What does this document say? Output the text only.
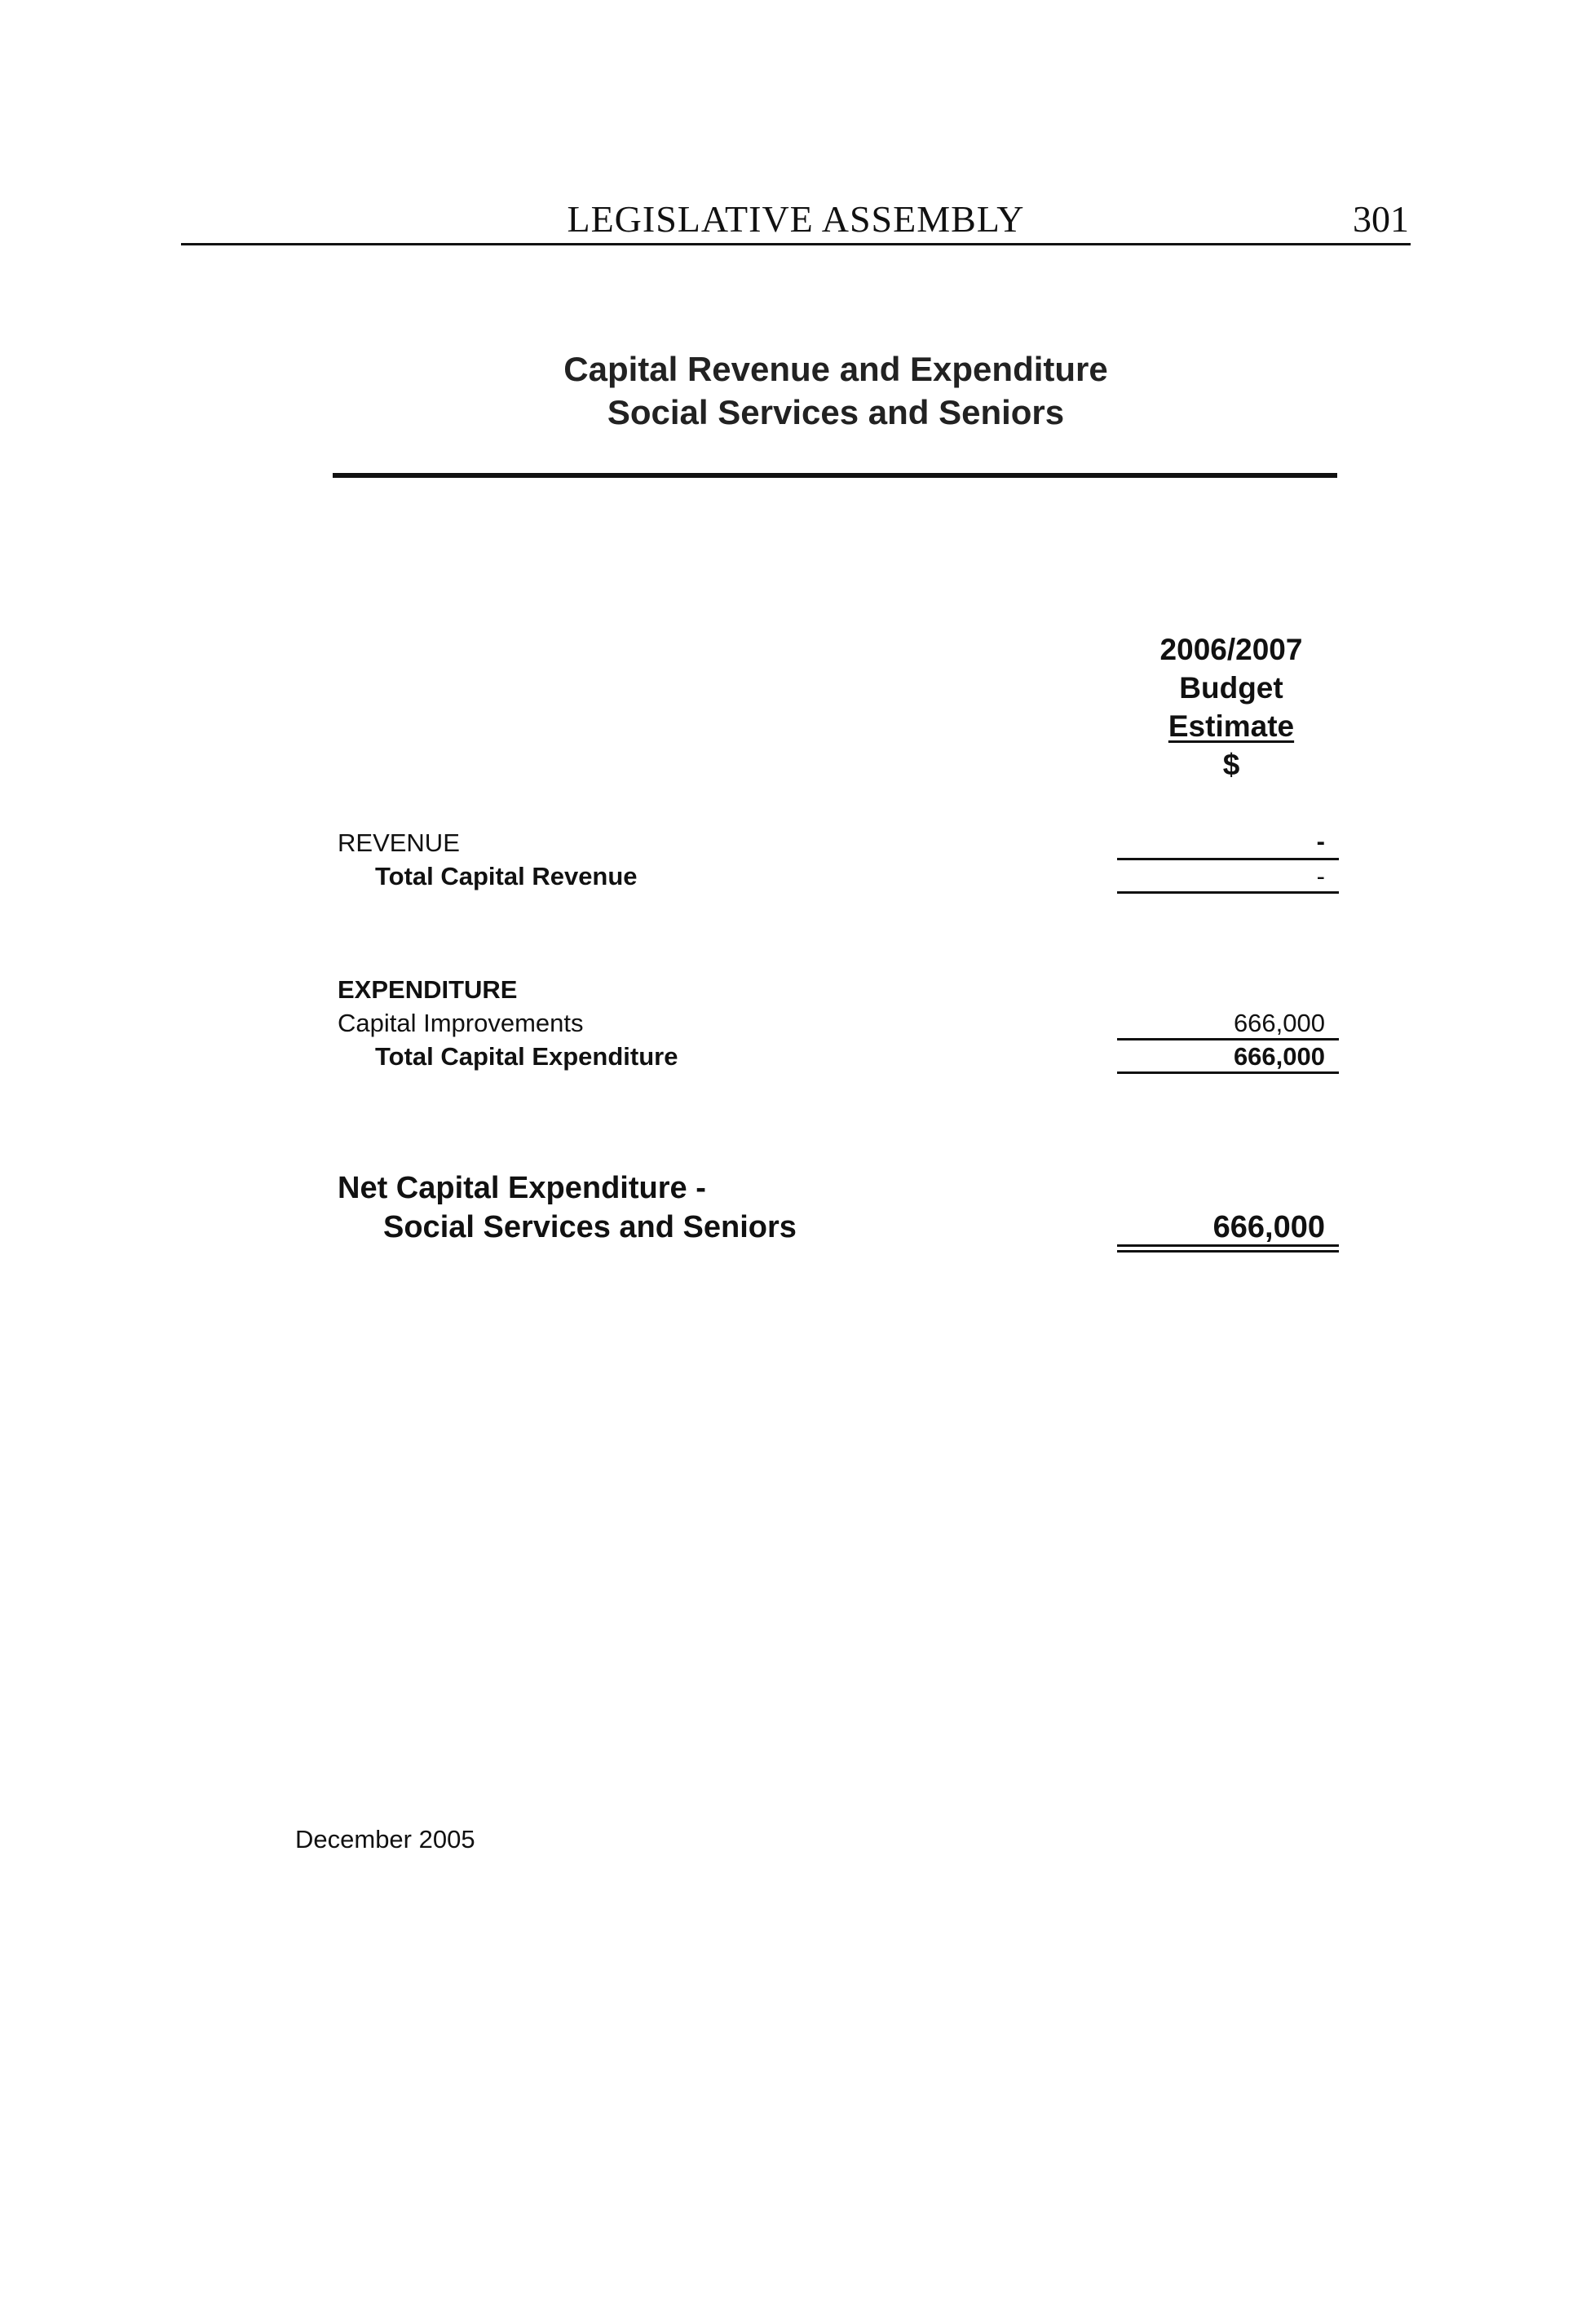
LEGISLATIVE ASSEMBLY	301
Capital Revenue and Expenditure
Social Services and Seniors
2006/2007
Budget
Estimate
$
REVENUE	-
Total Capital Revenue	-
EXPENDITURE
Capital Improvements	666,000
Total Capital Expenditure	666,000
Net Capital Expenditure -
Social Services and Seniors	666,000
December 2005
